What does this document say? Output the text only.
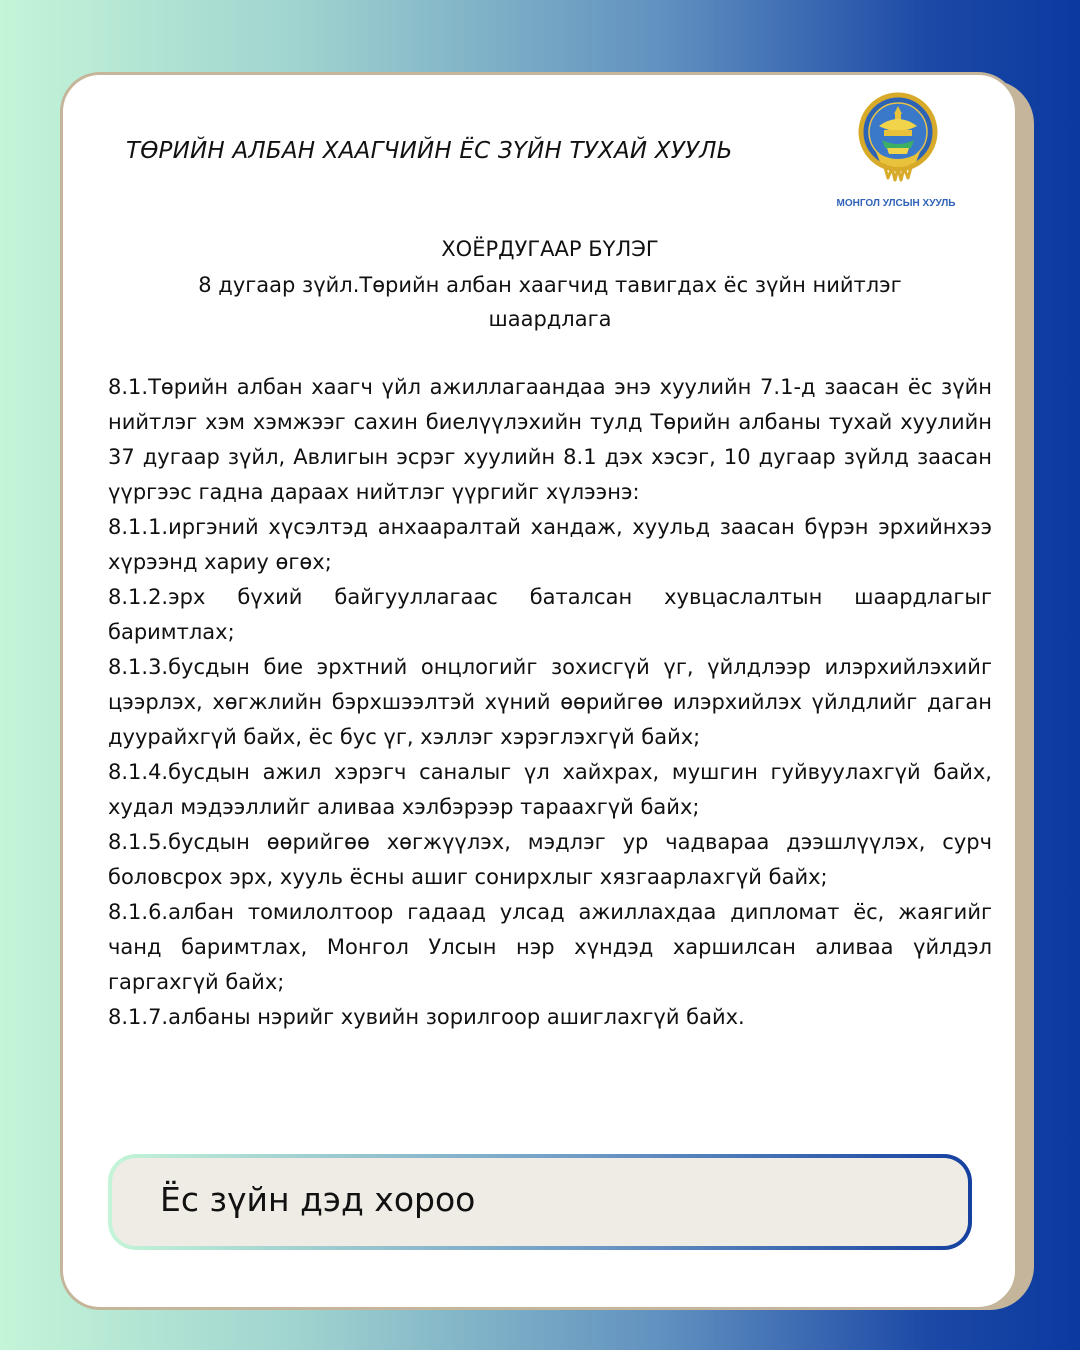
ТӨРИЙН АЛБАН ХААГЧИЙН ЁС ЗҮЙН ТУХАЙ ХУУЛЬ
МОНГОЛ УЛСЫН ХУУЛЬ
ХОЁРДУГААР БҮЛЭГ
8 дугаар зүйл.Төрийн албан хаагчид тавигдах ёс зүйн нийтлэг шаардлага

8.1.Төрийн албан хаагч үйл ажиллагаандаа энэ хуулийн 7.1-д заасан ёс зүйн нийтлэг хэм хэмжээг сахин биелүүлэхийн тулд Төрийн албаны тухай хуулийн 37 дугаар зүйл, Авлигын эсрэг хуулийн 8.1 дэх хэсэг, 10 дугаар зүйлд заасан үүргээс гадна дараах нийтлэг үүргийг хүлээнэ:

8.1.1.иргэний хүсэлтэд анхааралтай хандаж, хуульд заасан бүрэн эрхийнхээ хүрээнд хариу өгөх;

8.1.2.эрх бүхий байгууллагаас баталсан хувцаслалтын шаардлагыг баримтлах;

8.1.3.бусдын бие эрхтний онцлогийг зохисгүй үг, үйлдлээр илэрхийлэхийг цээрлэх, хөгжлийн бэрхшээлтэй хүний өөрийгөө илэрхийлэх үйлдлийг даган дуурайхгүй байх, ёс бус үг, хэллэг хэрэглэхгүй байх;

8.1.4.бусдын ажил хэрэгч саналыг үл хайхрах, мушгин гуйвуулахгүй байх, худал мэдээллийг аливаа хэлбэрээр тараахгүй байх;

8.1.5.бусдын өөрийгөө хөгжүүлэх, мэдлэг ур чадвараа дээшлүүлэх, сурч боловсрох эрх, хууль ёсны ашиг сонирхлыг хязгаарлахгүй байх;

8.1.6.албан томилолтоор гадаад улсад ажиллахдаа дипломат ёс, жаягийг чанд баримтлах, Монгол Улсын нэр хүндэд харшилсан аливаа үйлдэл гаргахгүй байх;

8.1.7.албаны нэрийг хувийн зорилгоор ашиглахгүй байх.

Ёс зүйн дэд хороо
